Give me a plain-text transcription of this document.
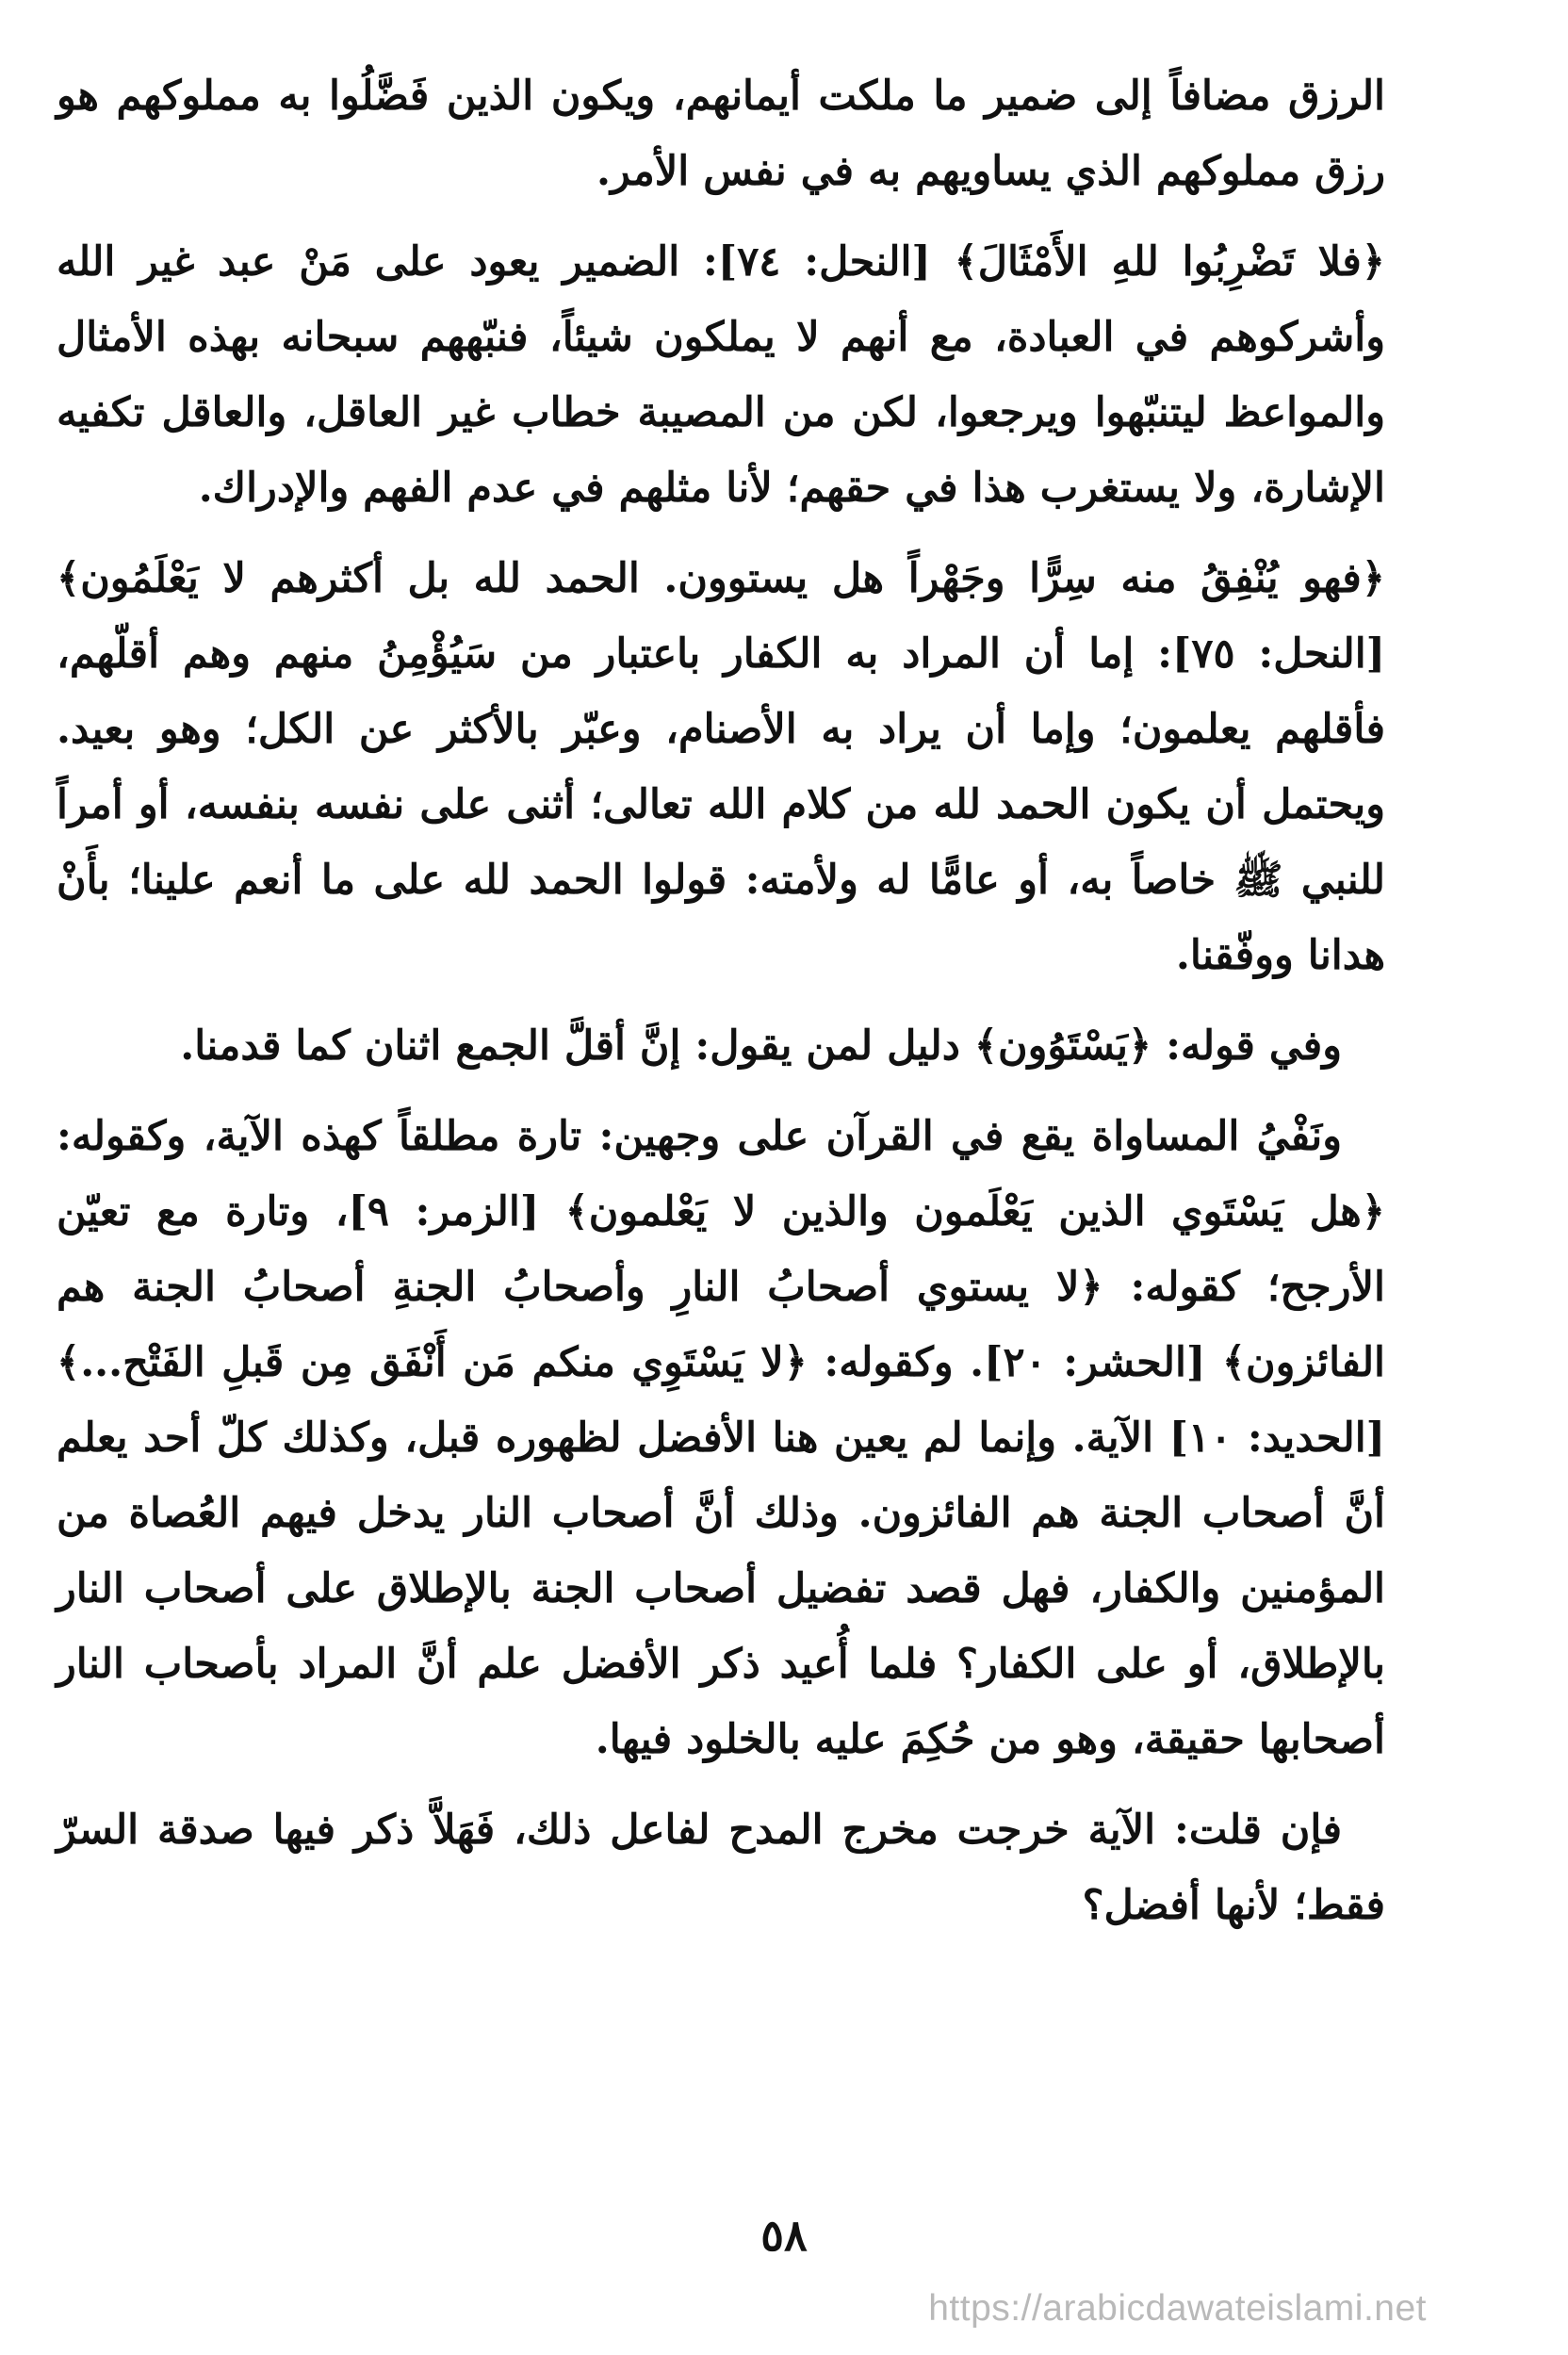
الرزق مضافاً إلى ضمير ما ملكت أيمانهم، ويكون الذين فَضَّلُوا به مملوكهم هو رزق مملوكهم الذي يساويهم به في نفس الأمر.

﴿فلا تَضْرِبُوا للهِ الأَمْثَالَ﴾ [النحل: ٧٤]: الضمير يعود على مَنْ عبد غير الله وأشركوهم في العبادة، مع أنهم لا يملكون شيئاً، فنبّههم سبحانه بهذه الأمثال والمواعظ ليتنبّهوا ويرجعوا، لكن من المصيبة خطاب غير العاقل، والعاقل تكفيه الإشارة، ولا يستغرب هذا في حقهم؛ لأنا مثلهم في عدم الفهم والإدراك.

﴿فهو يُنْفِقُ منه سِرًّا وجَهْراً هل يستوون. الحمد لله بل أكثرهم لا يَعْلَمُون﴾ [النحل: ٧٥]: إما أن المراد به الكفار باعتبار من سَيُؤْمِنُ منهم وهم أقلّهم، فأقلهم يعلمون؛ وإما أن يراد به الأصنام، وعبّر بالأكثر عن الكل؛ وهو بعيد. ويحتمل أن يكون الحمد لله من كلام الله تعالى؛ أثنى على نفسه بنفسه، أو أمراً للنبي ﷺ خاصاً به، أو عامًّا له ولأمته: قولوا الحمد لله على ما أنعم علينا؛ بأَنْ هدانا ووفّقنا.

وفي قوله: ﴿يَسْتَوُون﴾ دليل لمن يقول: إنَّ أقلَّ الجمع اثنان كما قدمنا.

ونَفْيُ المساواة يقع في القرآن على وجهين: تارة مطلقاً كهذه الآية، وكقوله: ﴿هل يَسْتَوي الذين يَعْلَمون والذين لا يَعْلمون﴾ [الزمر: ٩]، وتارة مع تعيّن الأرجح؛ كقوله: ﴿لا يستوي أصحابُ النارِ وأصحابُ الجنةِ أصحابُ الجنة هم الفائزون﴾ [الحشر: ٢٠]. وكقوله: ﴿لا يَسْتَوِي منكم مَن أَنْفَق مِن قَبلِ الفَتْح...﴾ [الحديد: ١٠] الآية. وإنما لم يعين هنا الأفضل لظهوره قبل، وكذلك كلّ أحد يعلم أنَّ أصحاب الجنة هم الفائزون. وذلك أنَّ أصحاب النار يدخل فيهم العُصاة من المؤمنين والكفار، فهل قصد تفضيل أصحاب الجنة بالإطلاق على أصحاب النار بالإطلاق، أو على الكفار؟ فلما أُعيد ذكر الأفضل علم أنَّ المراد بأصحاب النار أصحابها حقيقة، وهو من حُكِمَ عليه بالخلود فيها.

فإن قلت: الآية خرجت مخرج المدح لفاعل ذلك، فَهَلاَّ ذكر فيها صدقة السرّ فقط؛ لأنها أفضل؟

٥٨
https://arabicdawateislami.net
